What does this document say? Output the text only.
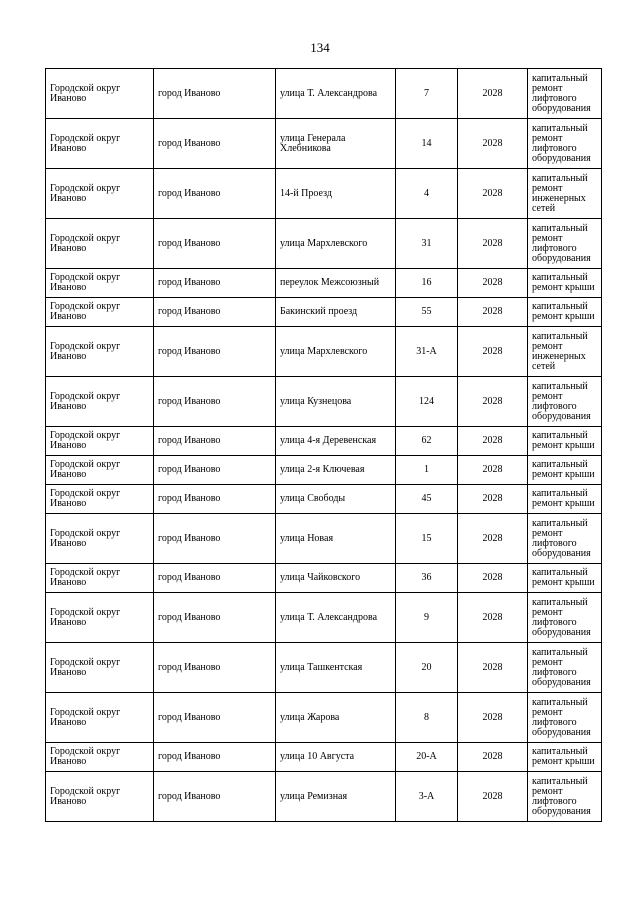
134
Городской округ Иваново	город Иваново	улица Т. Александрова	7	2028	капитальный ремонт лифтового оборудования
Городской округ Иваново	город Иваново	улица Генерала Хлебникова	14	2028	капитальный ремонт лифтового оборудования
Городской округ Иваново	город Иваново	14-й Проезд	4	2028	капитальный ремонт инженерных сетей
Городской округ Иваново	город Иваново	улица Мархлевского	31	2028	капитальный ремонт лифтового оборудования
Городской округ Иваново	город Иваново	переулок Межсоюзный	16	2028	капитальный ремонт крыши
Городской округ Иваново	город Иваново	Бакинский проезд	55	2028	капитальный ремонт крыши
Городской округ Иваново	город Иваново	улица Мархлевского	31-А	2028	капитальный ремонт инженерных сетей
Городской округ Иваново	город Иваново	улица Кузнецова	124	2028	капитальный ремонт лифтового оборудования
Городской округ Иваново	город Иваново	улица 4-я Деревенская	62	2028	капитальный ремонт крыши
Городской округ Иваново	город Иваново	улица 2-я Ключевая	1	2028	капитальный ремонт крыши
Городской округ Иваново	город Иваново	улица Свободы	45	2028	капитальный ремонт крыши
Городской округ Иваново	город Иваново	улица Новая	15	2028	капитальный ремонт лифтового оборудования
Городской округ Иваново	город Иваново	улица Чайковского	36	2028	капитальный ремонт крыши
Городской округ Иваново	город Иваново	улица Т. Александрова	9	2028	капитальный ремонт лифтового оборудования
Городской округ Иваново	город Иваново	улица Ташкентская	20	2028	капитальный ремонт лифтового оборудования
Городской округ Иваново	город Иваново	улица Жарова	8	2028	капитальный ремонт лифтового оборудования
Городской округ Иваново	город Иваново	улица 10 Августа	20-А	2028	капитальный ремонт крыши
Городской округ Иваново	город Иваново	улица Ремизная	3-А	2028	капитальный ремонт лифтового оборудования
